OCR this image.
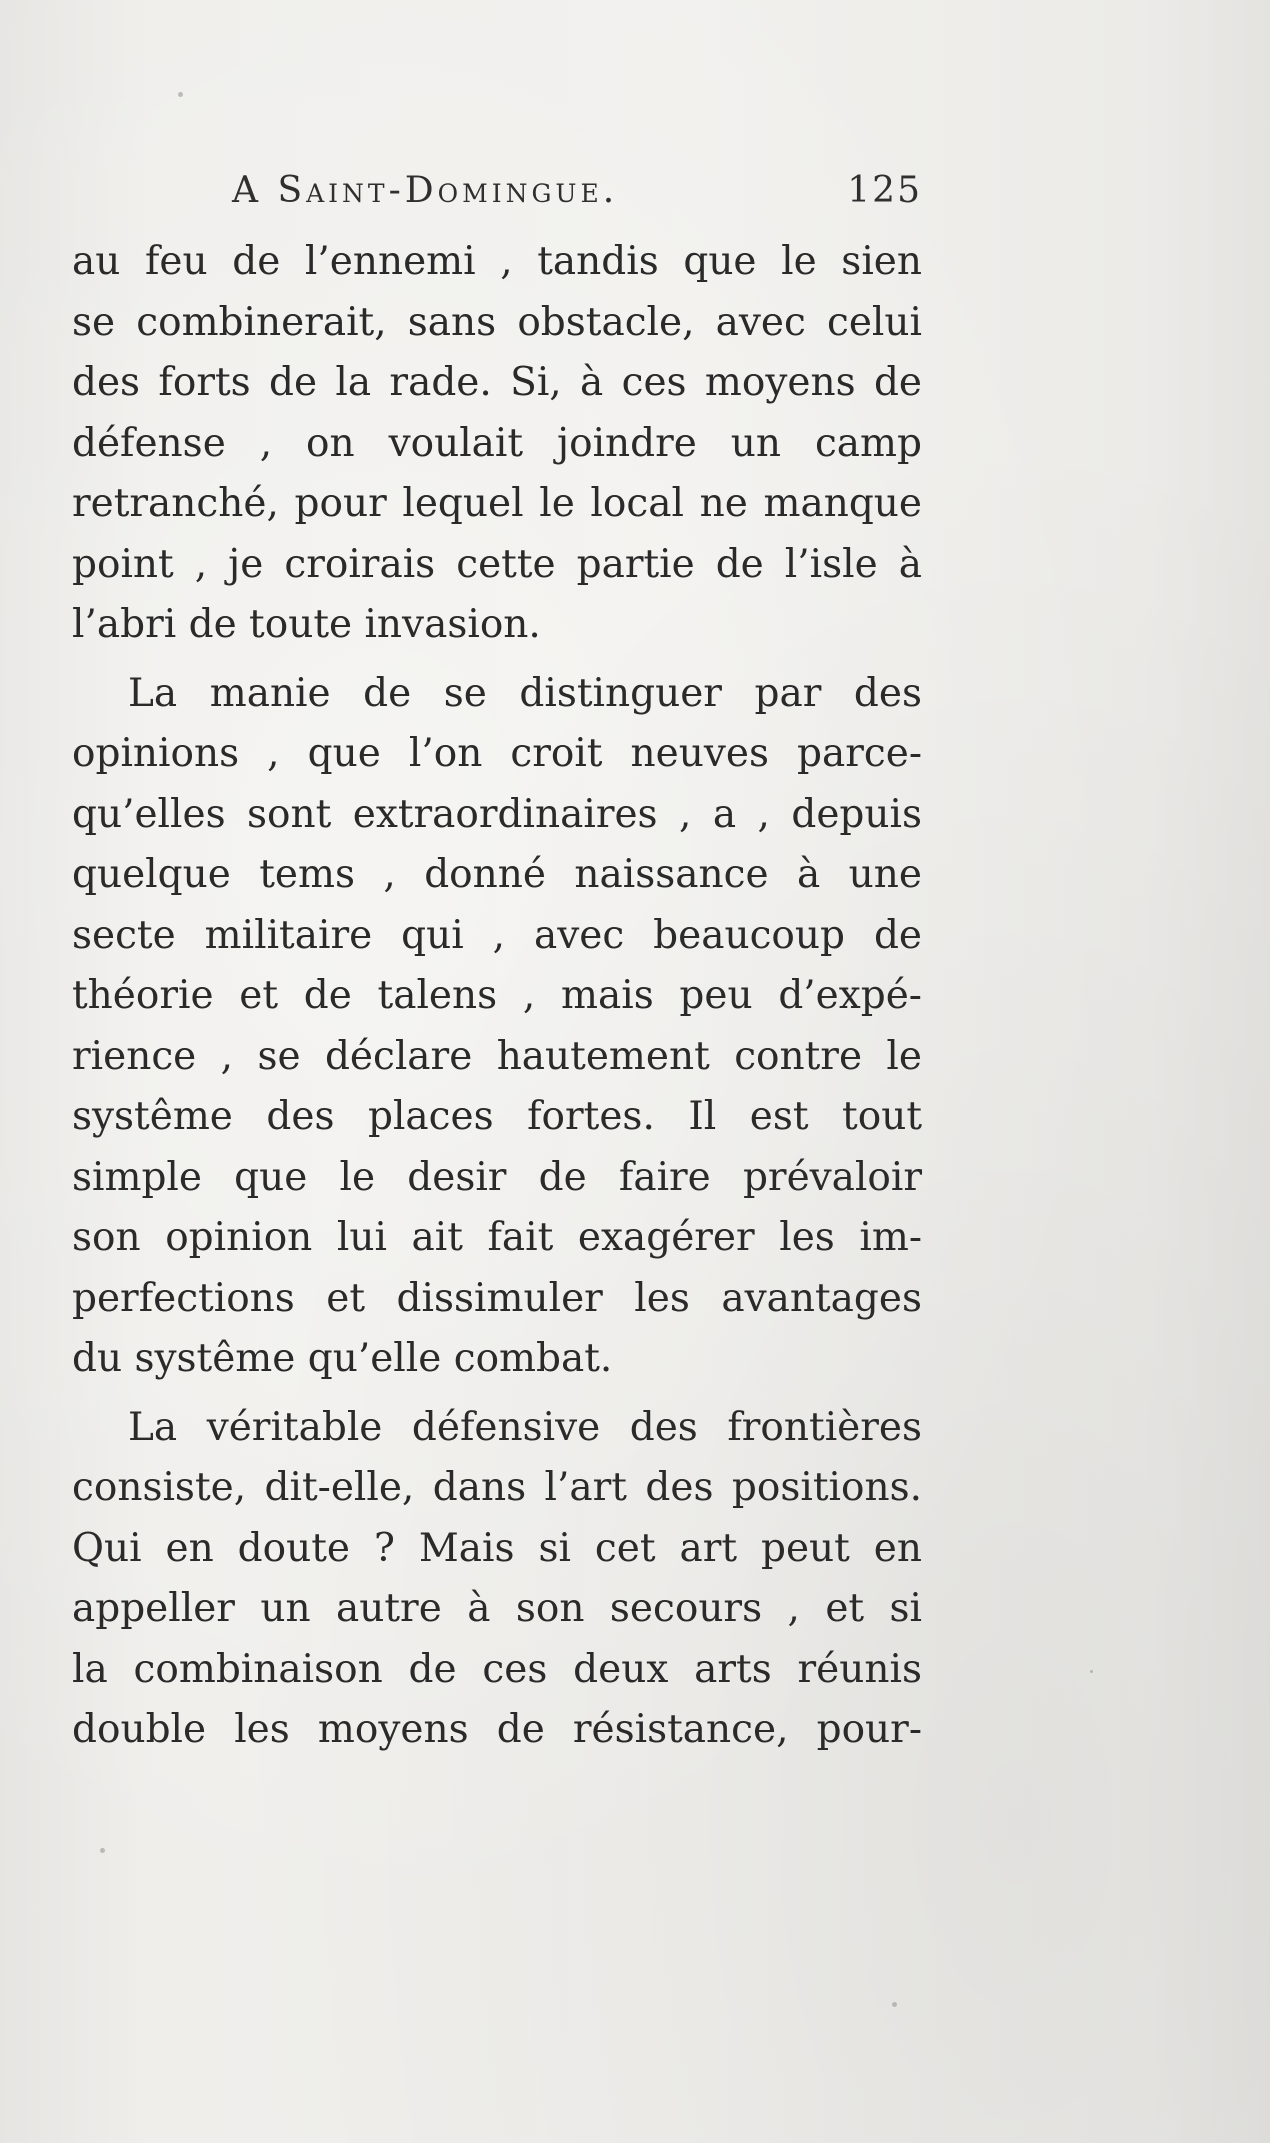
A Saint-Domingue.	125
au feu de l’ennemi , tandis que le sien
se combinerait, sans obstacle, avec celui
des forts de la rade. Si, à ces moyens de
défense , on voulait joindre un camp
retranché, pour lequel le local ne manque
point , je croirais cette partie de l’isle à
l’abri de toute invasion.
La manie de se distinguer par des
opinions , que l’on croit neuves parce-
qu’elles sont extraordinaires , a , depuis
quelque tems , donné naissance à une
secte militaire qui , avec beaucoup de
théorie et de talens , mais peu d’expé-
rience , se déclare hautement contre le
systême des places fortes. Il est tout
simple que le desir de faire prévaloir
son opinion lui ait fait exagérer les im-
perfections et dissimuler les avantages
du systême qu’elle combat.
La véritable défensive des frontières
consiste, dit-elle, dans l’art des positions.
Qui en doute ? Mais si cet art peut en
appeller un autre à son secours , et si
la combinaison de ces deux arts réunis
double les moyens de résistance, pour-
